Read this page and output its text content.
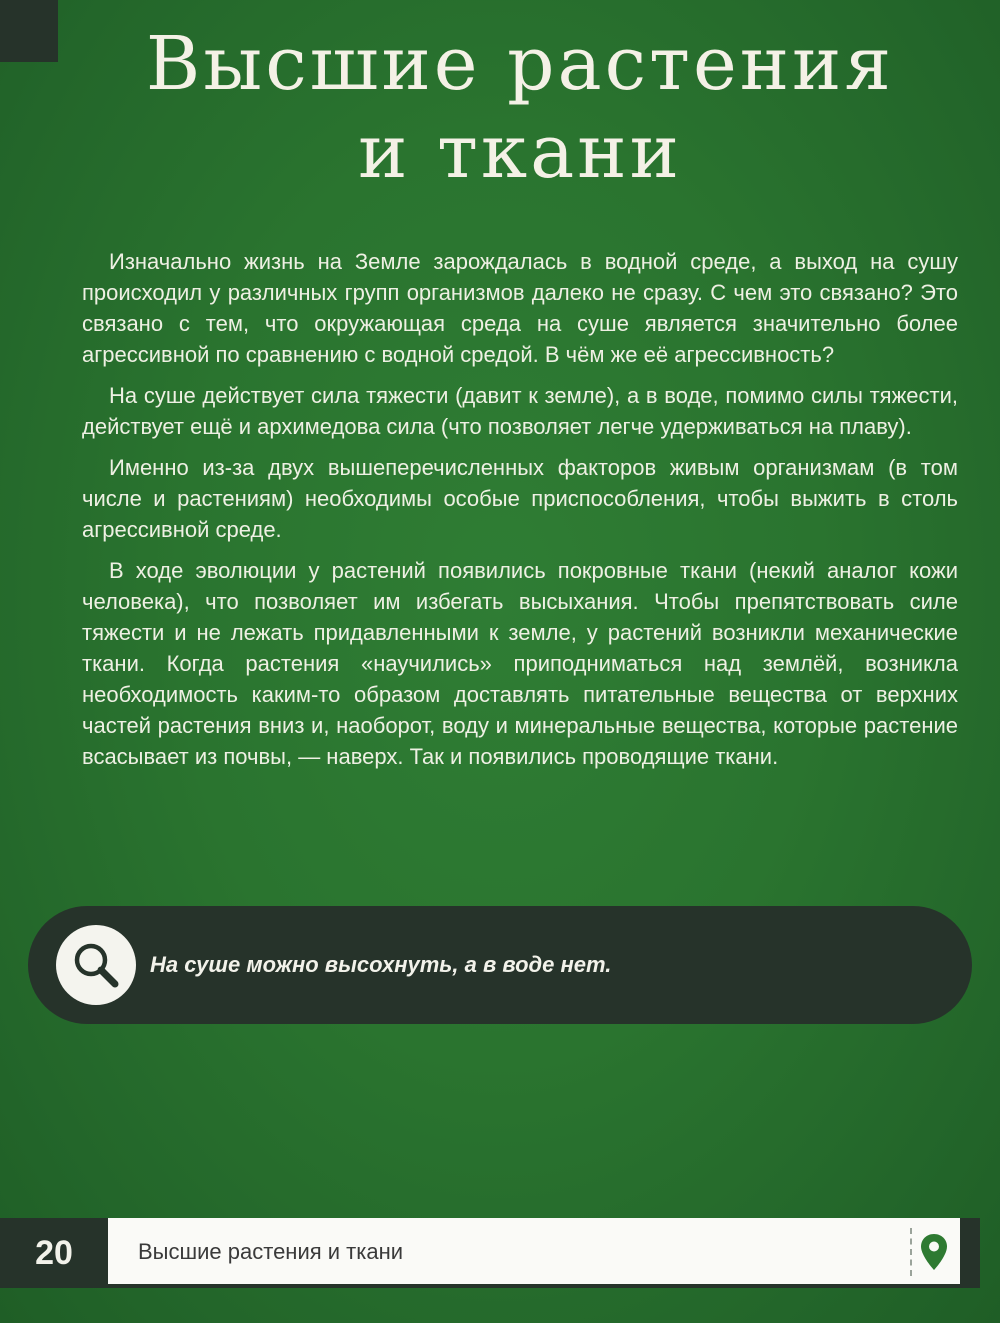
Высшие растения
и ткани

Изначально жизнь на Земле зарождалась в водной среде, а выход на сушу происходил у различных групп организмов далеко не сразу. С чем это связано? Это связано с тем, что окружающая среда на суше является значительно более агрессивной по сравнению с водной средой. В чём же её агрессивность?

На суше действует сила тяжести (давит к земле), а в воде, помимо силы тяжести, действует ещё и архимедова сила (что позволяет легче удерживаться на плаву).

Именно из-за двух вышеперечисленных факторов живым организмам (в том числе и растениям) необходимы особые приспособления, чтобы выжить в столь агрессивной среде.

В ходе эволюции у растений появились покровные ткани (некий аналог кожи человека), что позволяет им избегать высыхания. Чтобы препятствовать силе тяжести и не лежать придавленными к земле, у растений возникли механические ткани. Когда растения «научились» приподниматься над землёй, возникла необходимость каким-то образом доставлять питательные вещества от верхних частей растения вниз и, наоборот, воду и минеральные вещества, которые растение всасывает из почвы, — наверх. Так и появились проводящие ткани.

На суше можно высохнуть, а в воде нет.
20	Высшие растения и ткани
